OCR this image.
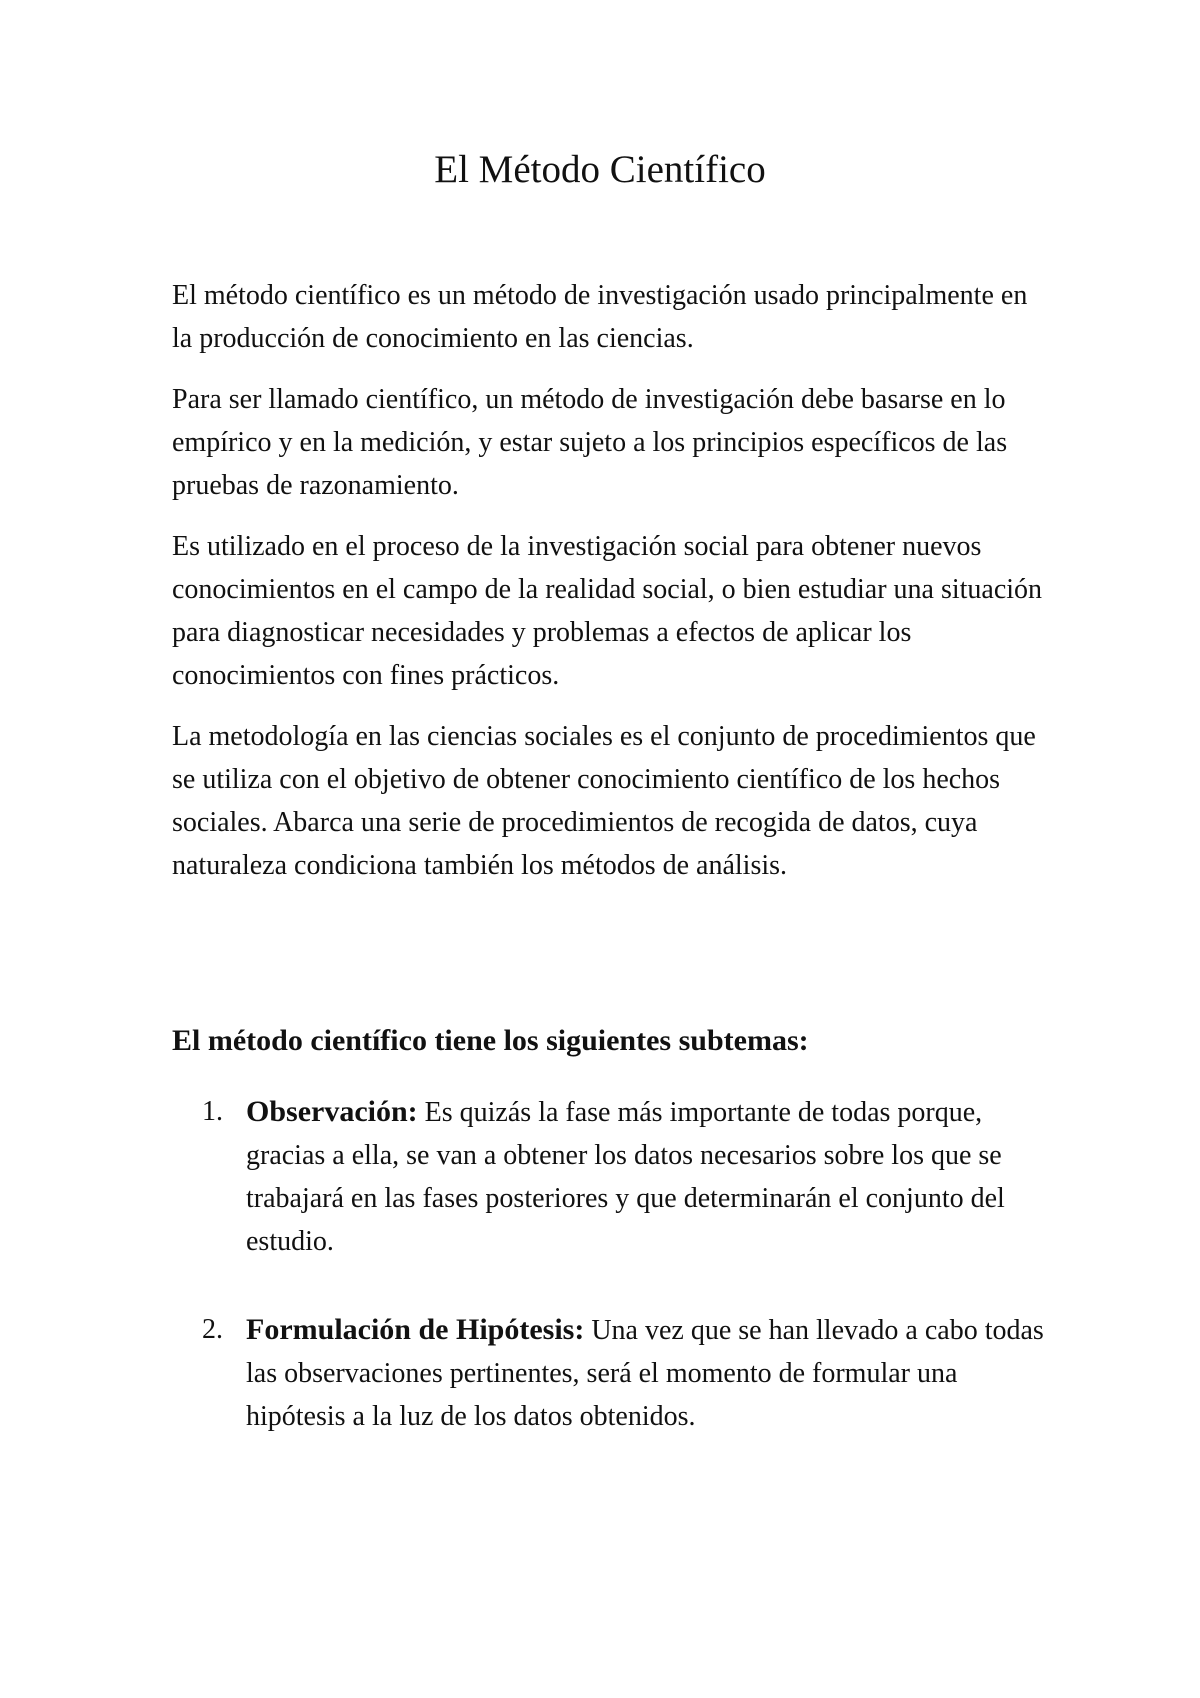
El Método Científico

El método científico es un método de investigación usado principalmente en la producción de conocimiento en las ciencias.

Para ser llamado científico, un método de investigación debe basarse en lo empírico y en la medición, y estar sujeto a los principios específicos de las pruebas de razonamiento.

Es utilizado en el proceso de la investigación social para obtener nuevos conocimientos en el campo de la realidad social, o bien estudiar una situación para diagnosticar necesidades y problemas a efectos de aplicar los conocimientos con fines prácticos.

La metodología en las ciencias sociales es el conjunto de procedimientos que se utiliza con el objetivo de obtener conocimiento científico de los hechos sociales. Abarca una serie de procedimientos de recogida de datos, cuya naturaleza condiciona también los métodos de análisis.

El método científico tiene los siguientes subtemas:
1. Observación: Es quizás la fase más importante de todas porque, gracias a ella, se van a obtener los datos necesarios sobre los que se trabajará en las fases posteriores y que determinarán el conjunto del estudio.
2. Formulación de Hipótesis: Una vez que se han llevado a cabo todas las observaciones pertinentes, será el momento de formular una hipótesis a la luz de los datos obtenidos.
